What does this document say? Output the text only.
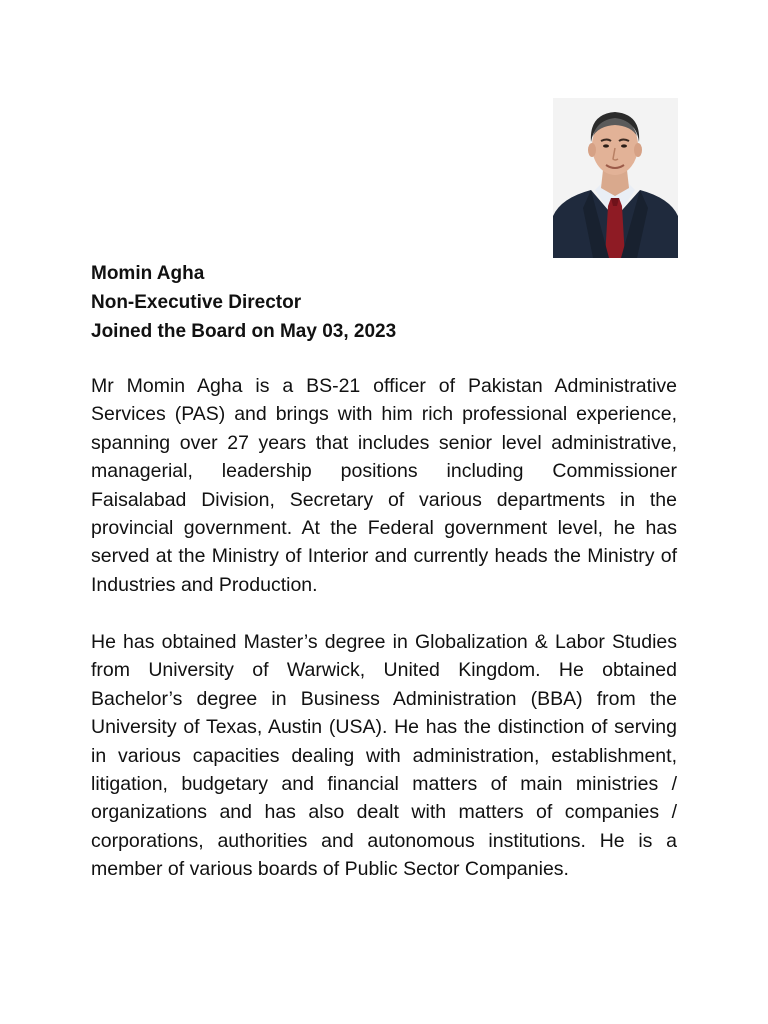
Momin Agha
Non-Executive Director
Joined the Board on May 03, 2023

Mr Momin Agha is a BS-21 officer of Pakistan Administrative Services (PAS) and brings with him rich professional experience, spanning over 27 years that includes senior level administrative, managerial, leadership positions including Commissioner Faisalabad Division, Secretary of various departments in the provincial government. At the Federal government level, he has served at the Ministry of Interior and currently heads the Ministry of Industries and Production.

He has obtained Master’s degree in Globalization & Labor Studies from University of Warwick, United Kingdom. He obtained Bachelor’s degree in Business Administration (BBA) from the University of Texas, Austin (USA). He has the distinction of serving in various capacities dealing with administration, establishment, litigation, budgetary and financial matters of main ministries / organizations and has also dealt with matters of companies / corporations, authorities and autonomous institutions. He is a member of various boards of Public Sector Companies.
